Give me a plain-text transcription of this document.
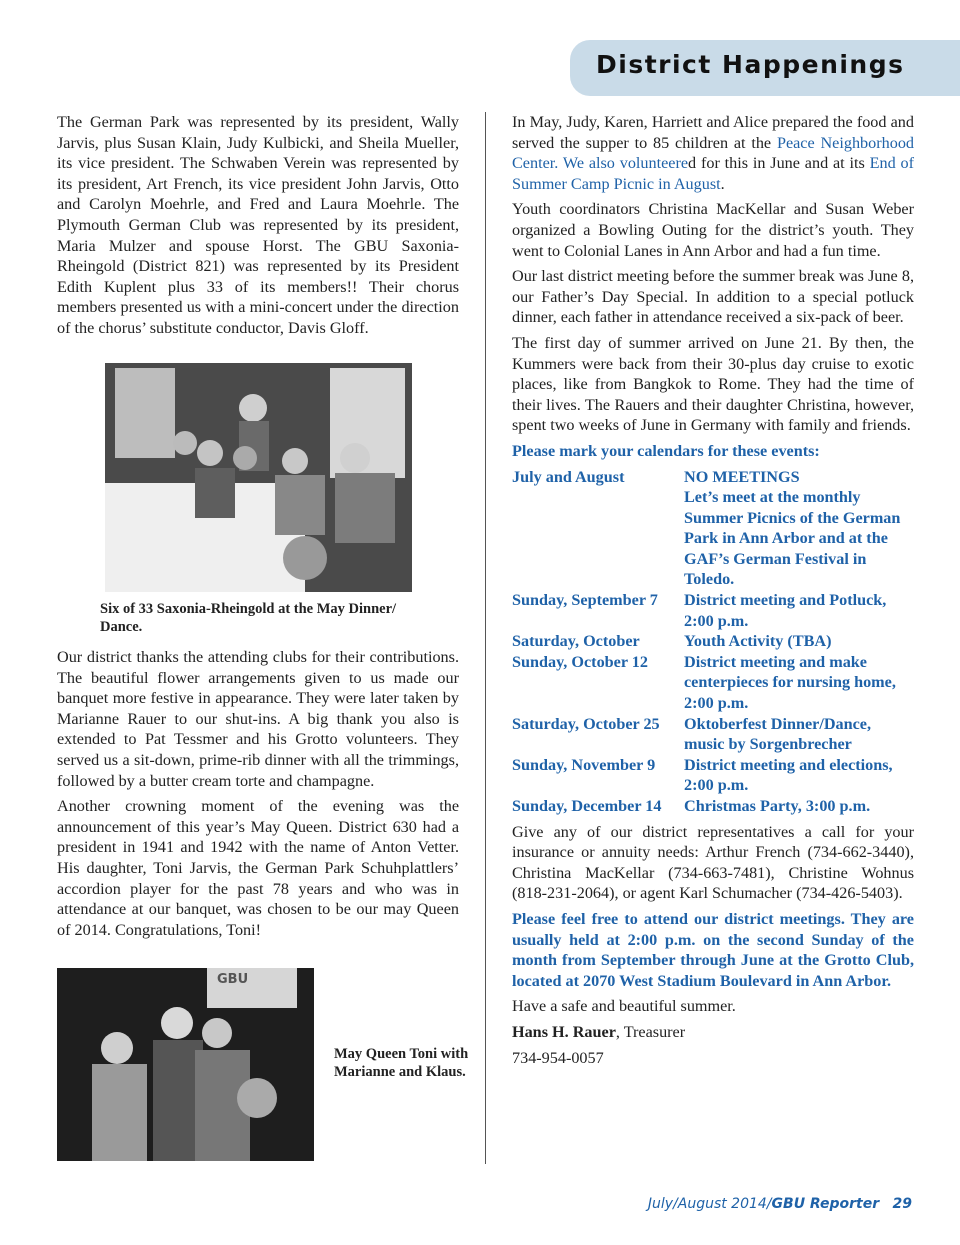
District Happenings

The German Park was represented by its president, Wally Jarvis, plus Susan Klain, Judy Kulbicki, and Sheila Mueller, its vice president. The Schwaben Verein was represented by its president, Art French, its vice president John Jarvis, Otto and Carolyn Moehrle, and Fred and Laura Moehrle. The Plymouth German Club was represented by its president, Maria Mulzer and spouse Horst. The GBU Saxonia-Rheingold (District 821) was represented by its President Edith Kuplent plus 33 of its members!! Their chorus members presented us with a mini-concert under the direction of the chorus’ substitute conductor, Davis Gloff.

Six of 33 Saxonia-Rheingold at the May Dinner/ Dance.

Our district thanks the attending clubs for their contributions. The beautiful flower arrangements given to us made our banquet more festive in appearance. They were later taken by Marianne Rauer to our shut-ins. A big thank you also is extended to Pat Tessmer and his Grotto volunteers. They served us a sit-down, prime-rib dinner with all the trimmings, followed by a butter cream torte and champagne.

Another crowning moment of the evening was the announcement of this year’s May Queen. District 630 had a president in 1941 and 1942 with the name of Anton Vetter. His daughter, Toni Jarvis, the German Park Schuhplattlers’ accordion player for the past 78 years and who was in attendance at our banquet, was chosen to be our may Queen of 2014. Congratulations, Toni!

GBU
May Queen Toni with Marianne and Klaus.

In May, Judy, Karen, Harriett and Alice prepared the food and served the supper to 85 children at the Peace Neighborhood Center. We also volunteered for this in June and at its End of Summer Camp Picnic in August.

Youth coordinators Christina MacKellar and Susan Weber organized a Bowling Outing for the district’s youth. They went to Colonial Lanes in Ann Arbor and had a fun time.

Our last district meeting before the summer break was June 8, our Father’s Day Special. In addition to a special potluck dinner, each father in attendance received a six-pack of beer.

The first day of summer arrived on June 21. By then, the Kummers were back from their 30-plus day cruise to exotic places, like from Bangkok to Rome. They had the time of their lives. The Rauers and their daughter Christina, however, spent two weeks of June in Germany with family and friends.

Please mark your calendars for these events:

July and August	NO MEETINGS
Let’s meet at the monthly Summer Picnics of the German Park in Ann Arbor and at the GAF’s German Festival in Toledo.
Sunday, September 7	District meeting and Potluck, 2:00 p.m.
Saturday, October	Youth Activity (TBA)
Sunday, October 12	District meeting and make centerpieces for nursing home, 2:00 p.m.
Saturday, October 25	Oktoberfest Dinner/Dance, music by Sorgenbrecher
Sunday, November 9	District meeting and elections, 2:00 p.m.
Sunday, December 14	Christmas Party, 3:00 p.m.

Give any of our district representatives a call for your insurance or annuity needs: Arthur French (734-662-3440), Christina MacKellar (734-663-7481), Christine Wohnus (818-231-2064), or agent Karl Schumacher (734-426-5403).

Please feel free to attend our district meetings. They are usually held at 2:00 p.m. on the second Sunday of the month from September through June at the Grotto Club, located at 2070 West Stadium Boulevard in Ann Arbor.

Have a safe and beautiful summer.

Hans H. Rauer, Treasurer

734-954-0057

July/August 2014/GBU Reporter 29
